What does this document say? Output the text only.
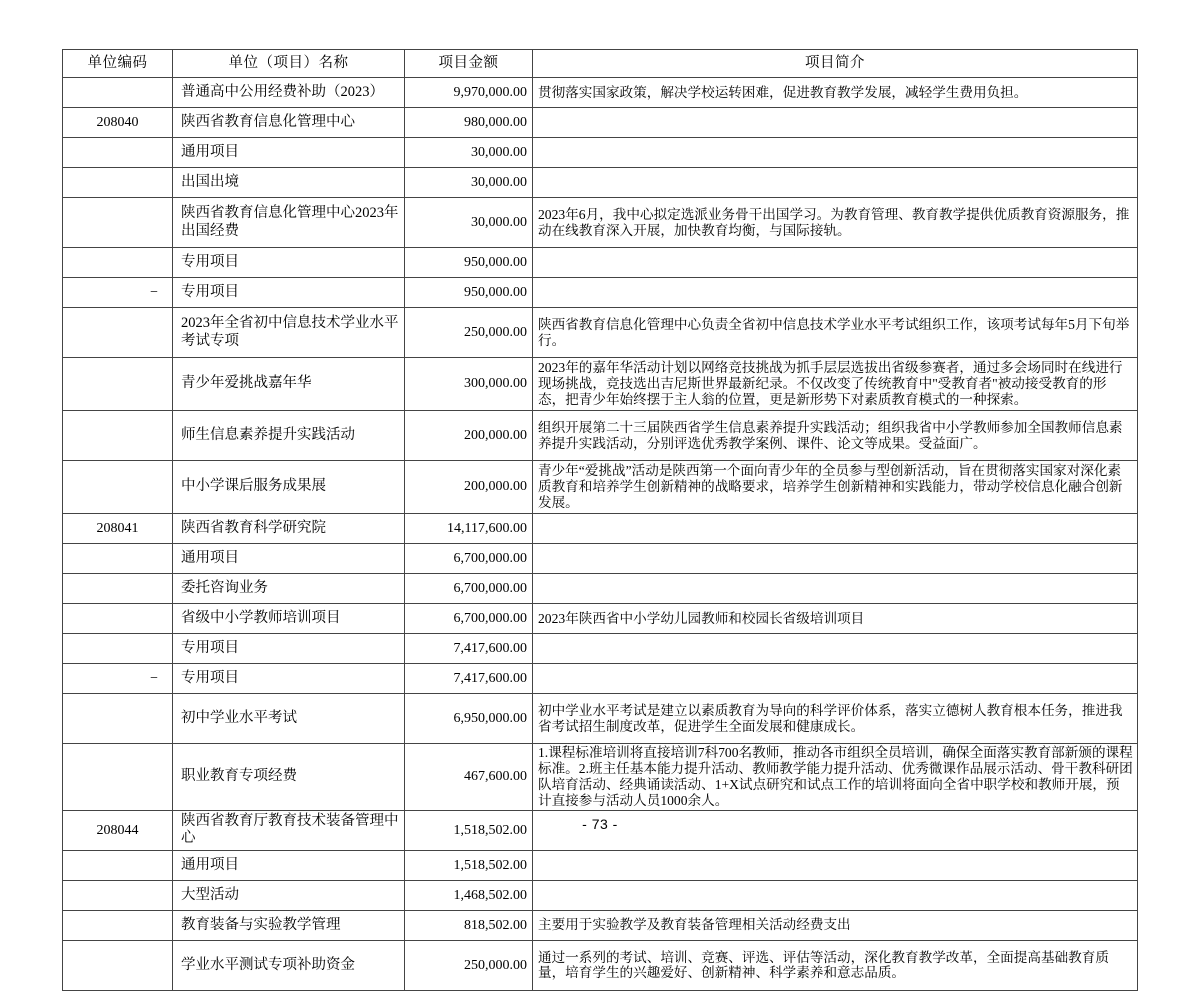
单位编码	单位（项目）名称	项目金额	项目简介
	普通高中公用经费补助（2023）	9,970,000.00	贯彻落实国家政策，解决学校运转困难，促进教育教学发展，减轻学生费用负担。
208040	陕西省教育信息化管理中心	980,000.00	
	通用项目	30,000.00	
	出国出境	30,000.00	
	陕西省教育信息化管理中心2023年出国经费	30,000.00	2023年6月，我中心拟定选派业务骨干出国学习。为教育管理、教育教学提供优质教育资源服务，推动在线教育深入开展，加快教育均衡，与国际接轨。
	专用项目	950,000.00	
−	专用项目	950,000.00	
	2023年全省初中信息技术学业水平考试专项	250,000.00	陕西省教育信息化管理中心负责全省初中信息技术学业水平考试组织工作，该项考试每年5月下旬举行。
	青少年爱挑战嘉年华	300,000.00	2023年的嘉年华活动计划以网络竞技挑战为抓手层层选拔出省级参赛者，通过多会场同时在线进行现场挑战，竞技选出吉尼斯世界最新纪录。不仅改变了传统教育中"受教育者"被动接受教育的形态，把青少年始终摆于主人翁的位置，更是新形势下对素质教育模式的一种探索。
	师生信息素养提升实践活动	200,000.00	组织开展第二十三届陕西省学生信息素养提升实践活动；组织我省中小学教师参加全国教师信息素养提升实践活动，分别评选优秀教学案例、课件、论文等成果。受益面广。
	中小学课后服务成果展	200,000.00	青少年“爱挑战”活动是陕西第一个面向青少年的全员参与型创新活动，旨在贯彻落实国家对深化素质教育和培养学生创新精神的战略要求，培养学生创新精神和实践能力，带动学校信息化融合创新发展。
208041	陕西省教育科学研究院	14,117,600.00	
	通用项目	6,700,000.00	
	委托咨询业务	6,700,000.00	
	省级中小学教师培训项目	6,700,000.00	2023年陕西省中小学幼儿园教师和校园长省级培训项目
	专用项目	7,417,600.00	
−	专用项目	7,417,600.00	
	初中学业水平考试	6,950,000.00	初中学业水平考试是建立以素质教育为导向的科学评价体系，落实立德树人教育根本任务，推进我省考试招生制度改革，促进学生全面发展和健康成长。
	职业教育专项经费	467,600.00	1.课程标准培训将直接培训7科700名教师，推动各市组织全员培训，确保全面落实教育部新颁的课程标准。2.班主任基本能力提升活动、教师教学能力提升活动、优秀微课作品展示活动、骨干教科研团队培育活动、经典诵读活动、1+X试点研究和试点工作的培训将面向全省中职学校和教师开展，预计直接参与活动人员1000余人。
208044	陕西省教育厅教育技术装备管理中心	1,518,502.00	
	通用项目	1,518,502.00	
	大型活动	1,468,502.00	
	教育装备与实验教学管理	818,502.00	主要用于实验教学及教育装备管理相关活动经费支出
	学业水平测试专项补助资金	250,000.00	通过一系列的考试、培训、竞赛、评选、评估等活动，深化教育教学改革，全面提高基础教育质量，培育学生的兴趣爱好、创新精神、科学素养和意志品质。
- 73 -
